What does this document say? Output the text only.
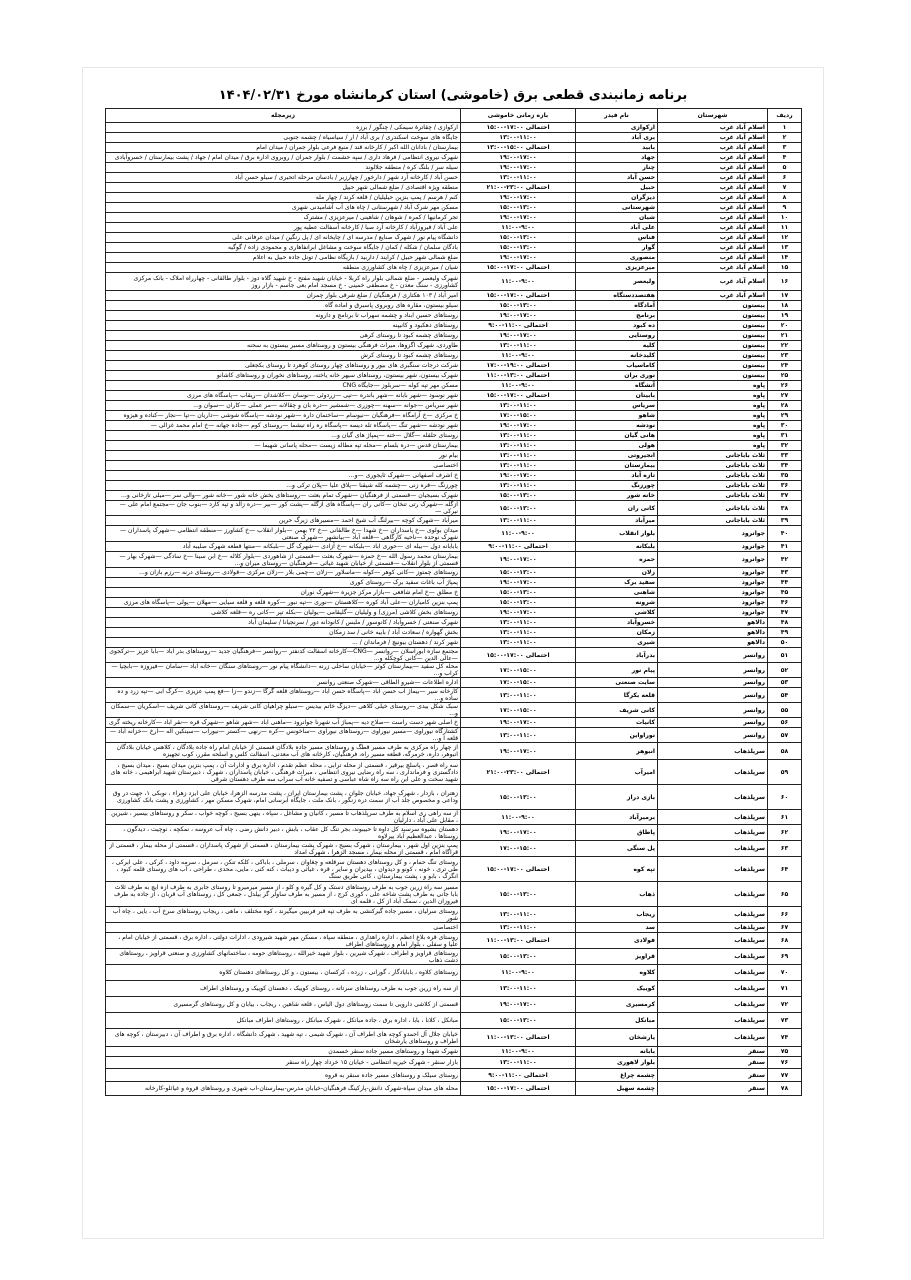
برنامه زمانبندی قطعی برق (خاموشی) استان کرمانشاه مورخ ۱۴۰۴/۰۲/۳۱
ردیف	شهرستان	نام فیدر	بازه زمانی خاموشی	زیرمجله
۱	اسلام آباد غرب	ارکوازی	احتمالی ۱۷:۰۰-۱۵:۰۰	ارکوازی / چقاترهٔ سیمکی / چنگور / برزه
۲	اسلام آباد غرب	بری آباد	۱۳:۰۰-۱۱:۰۰	جایگاه های سوخت اسکندری / بری آباد / ار / سیاسیاه / چشمه جنوبی
۳	اسلام آباد غرب	بابید	احتمالی ۱۵:۰۰-۱۳:۰۰	بیمارستان / بادانان الله اکبر / کارخانه قند / منبع فرعی بلوار جمران / میدان امام
۴	اسلام آباد غرب	جهاد	۱۹:۰۰-۱۷:۰۰	شهرک نیروی انتظامی / فرهاد داری / سپه حشمت / بلوار جمران / روبروی اداره برق / میدان امام / جهاد / پشت بیمارستان / خسروآبادی
۵	اسلام آباد غرب	چنار	۱۹:۰۰-۱۷:۰۰	سیله سر / بلنگ کره / منطقه جلالوند
۶	اسلام آباد غرب	حسن آباد	۱۳:۰۰-۱۱:۰۰	حسن آباد / کارخانه آرد شهر / دارخور / چهارزبر / بادسان مرحله اتحیری / سیلو حسن آباد
۷	اسلام آباد غرب	حبیل	احتمالی ۲۳:۰۰-۲۱:۰۰	منطقه ویژه اقتصادی / ضلع شمالی شهر حبیل
۸	اسلام آباد غرب	دیزگران	۱۹:۰۰-۱۷:۰۰	کنم / هرسم / پمپ بنزین حیلیلیان / قلعه کرند / چهار مله
۹	اسلام آباد غرب	شهرستانی	۱۵:۰۰-۱۳:۰۰	مسکن مهر شرک آباد / شهرستانی / چاه های آب آشامیدنی شهری
۱۰	اسلام آباد غرب	شیان	۱۹:۰۰-۱۷:۰۰	تجر کرمانیها / کمره / شوهان / شاهینی / میرعزیزی / مشترک
۱۱	اسلام آباد غرب	علی آباد	۱۱:۰۰-۹:۰۰	علی آباد / فیروزآباد / کارخانه آرد صبا / کارخانه آسفالت عطیه پور
۱۲	اسلام آباد غرب	فناس	۱۵:۰۰-۱۳:۰۰	دانشگاه پیام نور / شهرک صنایع / مدرسه ای / چایخانه ای / پل رنگین / میدان عرفانی علی
۱۳	اسلام آباد غرب	گوار	۱۵:۰۰-۱۳:۰۰	بادگان سلمان / شکله / کمان / جایگاه سوخت و مشاغل ابرانفاهاری و محمودی زاده / گوگیه
۱۴	اسلام آباد غرب	منصوری	۱۹:۰۰-۱۷:۰۰	ضلع شمالی شهر حبیل / کرایند / داربید / بازیگاه نظامی / تونل جاده حبیل به اعلام
۱۵	اسلام آباد غرب	میرعزیزی	احتمالی ۱۷:۰۰-۱۵:۰۰	شیان / میرعزیزی / چاه های کشاورزی منطقه
۱۶	اسلام آباد غرب	ولیعصر	۱۱:۰۰-۹:۰۰	شهرک ولیعصر - ضلع شمالی بلوار راه کربلا - خیابان شهید مفتح - خ شهید گلاه دوز - بلوار طالقانی - چهارراه املاک - بانک مرکزی کشاورزی - سنگ معدن - خ مصطفی خمینی - خ مسجد امام بعی جاسم - بازار روز
۱۷	اسلام آباد غرب	هفتصددستگاه	احتمالی ۱۷:۰۰-۱۵:۰۰	امیر آباد / ۱۰۳ هکتاری / فرهنگیان / ضلع شرقی بلوار چمران
۱۸	بیستون	آمادگاه	۱۵:۰۰-۱۳:۰۰	سیلو بیستون، مقاره های روبروی پاسبرق و اماده گاه
۱۹	بیستون	برنامج	۱۹:۰۰-۱۷:۰۰	روستاهای حسین ابناد و چشمه سهراب تا برنامج و دارونه
۲۰	بیستون	ده کبود	احتمالی ۱۱:۰۰-۹:۰۰	روستاهای دهکبود و کانیپنه
۲۱	بیستون	روستایی	۱۹:۰۰-۱۷:۰۰	روستاهای چشمه کبود تا روستای کرهی
۲۲	بیستون	کلیه	۱۳:۰۰-۱۱:۰۰	طاوردی، شهرک اگزوها، میراث فرهنگی بیستون و روستاهای مسیر بیستون به سحنه
۲۳	بیستون	کلیدخانه	۱۱:۰۰-۹:۰۰	روستاهای چشمه کبود تا روستای کرش
۲۴	بیستون	کاماسیاب	احتمالی ۱۹:۰۰-۱۷:۰۰	شرکت درجات سنگبری های بیور و روستاهای چهار روستای کوهرد تا روستای بکجعلی
۲۵	بیستون	نوری بران	احتمالی ۱۳:۰۰-۱۱:۰۰	شهرک بیستون، شهر بیستون، روستاهای سیهر خانه یاخته، روستاهای نخوران و روستاهای کاشانو
۲۶	پاوه	آتشگاه	۱۱:۰۰-۹:۰۰	مسکن مهر تپه کوله —سربلوز —جایگاه CNG
۲۷	پاوه	بابیتان	احتمالی ۱۷:۰۰-۱۵:۰۰	شهر نوسود —شهر بابانه —شهر باندره —تپی —زردوئی —نوسان —کلاشدان —ریقاب —پاسگاه های مرزی
۲۸	پاوه	سریاس	۱۳:۰۰-۱۱:۰۰	شهر سریاس —جوانه —سهنه —چوزری —شمشیر —دره بان و چقالانه —مر عملی —کاران —سوان و...
۲۹	پاوه	شاهو	۱۷:۰۰-۱۵:۰۰	خ مرکزی —خ آرامگاه —فرهنگیان —نیوسام —ساختمان داره —شهر نودشه —پاسگاه شوشی —داریان —تپا —نجار —کناده و هیزوه
۳۰	پاوه	نودشه	۱۹:۰۰-۱۷:۰۰	شهر نودشه —شهر تنگ —پاسگاه تله دیسه —پاسگاه ره راه تیشما —روستای کوم —جاده جهانه —خ امام محمد غزالی —
۳۱	پاوه	هانی گیان	۱۳:۰۰-۱۱:۰۰	روستای حلقله —گلال —خته —پمپاژ های گیان و...
۳۲	پاوه	هولی	۱۳:۰۰-۱۱:۰۰	بیمارستان قدس —دره بلسام —محله تپه مطاله زیست —محله پاسانی شهیما —
۳۳	ثلاث باباجانی	انجیروتی	۱۳:۰۰-۱۱:۰۰	بیام نور
۳۴	ثلاث باباجانی	بیمارستان	۱۳:۰۰-۱۱:۰۰	اختصاصی
۳۵	ثلاث باباجانی	تازه آباد	۱۹:۰۰-۱۷:۰۰	خ اشرف اصفهانی —شهرک ثایجوری —و...
۳۶	ثلاث باباجانی	چورزنگ	۱۳:۰۰-۱۱:۰۰	چورزنگ —قره زنی —چشمه کله شیقنا —پلاق علیا —پلان ترکی و...
۳۷	ثلاث باباجانی	خانه شور	۱۵:۰۰-۱۳:۰۰	شهرک بسیجیان —قسمتی از فرهنگیان —شهرک تمام بعثت —روستاهای بخش خانه شور —خانه شور —والی سر —میلی تازخانی و...
۳۸	ثلاث باباجانی	کانی ران	۱۵:۰۰-۱۳:۰۰	ازگله —شهرک رتی تنخان —کانی ران —پاسگاه های ازگله —پشت کور —بیر —دره زالد و تپه کارد —بنوب جان —مجتمع امام علی —نیرکی —
۳۹	ثلاث باباجانی	میرآباد	۱۳:۰۰-۱۱:۰۰	میرآباد —شهرک کوچه —بیرلنگ آب شیخ احمد —مسیرهای زیرگ حرین
۴۰	جوانرود	بلوار انقلاب	۱۱:۰۰-۹:۰۰	میدان بولوی —خ پاسداران —خ شهدا —خ طالقانی —خ ۲۲ بهمن —بلوار انقلاب —خ کشاورز —منطقه انتظامی —شهرک پاسداران —شهرک نوحده —ناحیه کارگاهی —قلعه آباد —بیانشهر —شهرک صنعتی
۴۱	جوانرود	بلبکانه	احتمالی ۱۱:۰۰-۹:۰۰	بابابانه دول —بیله ای —حوری اباد —بلبکانه —خ آزادی —شهرک گل —بلبکانه —منتها قطعه شهرک صلیبه آباد
۴۲	جوانرود	حمزه	۱۹:۰۰-۱۷:۰۰	بیمارستان محمد رسول الله —خ حمزه —شهرک بعثت —قسمتی از شاهوردی —بلوار کلاله —خ ابن سینا —خ سادگی —شهرک بهار —قسمتی از بلوار انقلاب —قسمتی از خیابان شهید غیاثی —فرهنگیان —روستای میران و...
۴۳	جوانرود	زلان	۱۵:۰۰-۱۳:۰۰	روستاهای چمتوز —کانی کوهر —کوله —ماسلاور —زلان —چمی بلار —زلان مرکزی —قولادی —روستای درنه —رزم بازان و...
۴۴	جوانرود	سفید برک	۱۹:۰۰-۱۷:۰۰	پمپاژ آب باغات سفید برک —روستای کوری
۴۵	جوانرود	شاهنی	۱۵:۰۰-۱۳:۰۰	خ مطلق —خ امام شافعی —بازار مرکز جزیره —شهرک نوران
۴۶	جوانرود	شرونه	۱۵:۰۰-۱۳:۰۰	پمپ بنزین کامیاران —علی آباد کوره —کلاهستان —نوری —تپه نبور —کوره قلعه و قلعه سیایی —مهلان —پولی —پاسگاه های مرزی
۴۷	جوانرود	کلاشی	۱۹:۰۰-۱۷:۰۰	روستاهای بخش کلاشی (مرزی) و ولیلیان —گلیقامی —یولیان —بکله تپر —کانی ره —قلعه کلاشی
۴۸	دالاهو	خسروآباد	۱۳:۰۰-۱۱:۰۰	شهرک صنعتی / خسروآباد / کانوسور / ملبس / کانودانه دور / سرنجیانا / سلیمان آباد
۴۹	دالاهو	زمکان	۱۳:۰۰-۱۱:۰۰	بخش گهواره / سعادت آباد / بابیه خانی / سد زمکان
۵۰	دالاهو	شیری	۱۳:۰۰-۱۱:۰۰	شهر کرند / دهستان بیونیچ / فرماندان / ...
۵۱	روانسر	بدرآباد	احتمالی ۱۷:۰۰-۱۵:۰۰	مجتمع سازه ابوراسلان —روانسر —CNG—کارخانه آسفالت کدنفتر —روانسر —فرهنگیان جدید —روستاهای بدر اباد —بابا عزیز —ترکجوی —عالی الدین —کانی کوچکله و...
۵۲	روانسر	پیام نور	۱۷:۰۰-۱۵:۰۰	محله کل سفید —بیمارستان کوثر —خیابان ساحلی زرنه —دانشگاه پیام نور —روستاهای سنگان —خانه اباد —سامان —فیروزه —بابچیا —کراب و...
۵۳	روانسر	سایت صنعتی	۱۷:۰۰-۱۵:۰۰	اداره اطلاعات —شیرو الطاقی —شهرک صنعتی روانسر
۵۴	روانسر	قلعه بکرگا	۱۳:۰۰-۱۱:۰۰	کارخانه سیر —بیماژ آب حسن اباد —پاسگاه حسن آباد —روستاهای قلعه گرگا —زندو —زا —فع پمپ عزیزی —کرگ آبی —تپه زرد و ده ساده و...
۵۵	روانسر	کانی شریف	۱۷:۰۰-۱۵:۰۰	سبک شکل بیدی —روستای خیلی کلاهی —دیزگ خاتم بیدیس —سیلو چراهیان کانی شریف —روستاهای کانی شریف —آسکریان —سمکان و...
۵۶	روانسر	کانیات	۱۹:۰۰-۱۷:۰۰	خ اصلی شهر دست راست —صلاح دیه —پمباژ آب شهرنا جوانرود —ماهنی اباد —شهر شاهو —شهرک قره —نقر اباد —کارخانه ریخته گری
۵۷	روانسر	نوراواین	۱۳:۰۰-۱۱:۰۰	کشتارگاه نیوراوی —مسیر نیوراوی —روستاهای نیوراوی —ساخونس —کره —رنهی —کستر —نیوراب —سینکین اله —آرخ —خزانه اباد —قلعه ا و...
۵۸	سرپلذهاب	انبوهر	۱۹:۰۰-۱۷:۰۰	از چهار راه مرکزی به طرف مسیر قطگ و روستاهای مسیر جاده بلادگان قسمتی از خیابان امام راه جاده بلادگان ، کلاهس خیابان بلادگان انبوهر، داره، خرمرگه، قطعه مسیر راه، فرهنگیان، کارخانه های آب معدنی، اسفالت کلس و اسلحه مقرر، کوب تجهیزه
۵۹	سرپلذهاب	امیرآب	احتمالی ۲۳:۰۰-۲۱:۰۰	سه راه قصر ، پاسلچ بیرقیر ، قسمتی از محله ترابی ، محله عظم تقدم ، اداره برق و ادارات آن ، پمپ بنزین میدان بسیج ، میدان بسیج ، دادگستری و فرمانداری ، سه راه رضایی نیروی انتظامی ، میراث فرهنگی ، خیابان پاسداران ، شهرک ، دبیرستان شهید ابراهیمی ، خانه های شهید سخت و علی ابن راه سه راه شاه عباسی و تصفیه خانه آب سراب سه طرف دهستان شرقی
۶۰	سرپلذهاب	بازی دراز	۱۵:۰۰-۱۳:۰۰	زهتران ، بازدار ، شهرک جهاد، خیابان جلوان ، پشت بیمارستان ایران ، پشت مدرسه الزهرا، خیابان علی ایزد زهراء ، نوبکی ۱، جهت در وق وداعی و مخصوص جلد آب از سمت دره زنگور ، بانک ملت ، جایگاه آبرسانی امام، شهرک مسکن مهر ، کشاورزی و پشت بانک کشاورزی
۶۱	سرپلذهاب	برمیرآباد	۱۱:۰۰-۹:۰۰	از سه راهی ری اسلام به طرف سرپلذهاب تا مسیر ، کانیان و مشاغل ، سپاه ، ینهی بسیج ، کوچه خواب ، سکر و روستاهای بیسیر ، شیرین ، مقابل علی آباد ، دارلیان
۶۲	سرپلذهاب	پاطاق	۱۹:۰۰-۱۷:۰۰	دهستان بشیوه سرسبد کل داوه تا حبیبوند، بجر تنگ کل عقاب ، بابش ، دبیر دانش رضی ، چاه آب عروسه ، نمکچه ، نوچیت ، دیدگون ، روستاها ، عبدالعظیم آباد بیرلاوه
۶۳	سرپلذهاب	پل سنگی	۱۷:۰۰-۱۵:۰۰	پمپ بنزین اول شهر ، بیمارستان ، شهرک بسیج ، شهرک پشت بیمارستان ، قسمتی از شهرک پاسداران ، قسمتی از محله بیمار ، قسمتی از قراگاه امام ، قسمتی از محله بیمار ، مسجد الزهرا ، شهرک امداد
۶۴	سرپلذهاب	تپه کوه	احتمالی ۱۷:۰۰-۱۵:۰۰	روستای تنگ حمام ، و کل روستاهای دهستان سرقلعه و چغاوان ، سرملی ، باباکی ، کلکه تنکن ، سرمل ، سرمه داود ، کرکی ، علی ابرکی ، طی تری ، خونه ، کونو و دیدوان ، بیدیران و سایر ، قره ، غیاثی و دیبات ، کنه کنی ، مایی، محدی ، طراحی ، آب های روستای قلمه کبود ، انگرگ ، بابو و ، پشت بیمارستان ، کانی طریق سنگ
۶۵	سرپلذهاب	ذهاب	۱۵:۰۰-۱۳:۰۰	مسیر سه راه زرین جوب به طرف روستاهای دستک و کل گیره و کلو ، از مسیر میرمیرو تا روستای جابری به طرف ازه ایچ به طرف ثلاث بابا جانی به طرف پشت شاخه علی ، کوری کرج ، از مسیر به طرف ساولر گر بیلدل ، جمعی کل ، روستاهای آب قربان ، از جاده به طرف فیروزان الدین ، سمک آباد از کل ، قلمه ای
۶۶	سرپلذهاب	ریجاب	۱۳:۰۰-۱۱:۰۰	روستای سرلیان ، مسیر جاده گیرکنشی به طرف تپه قبر فربیین میگیرند ، کوه مختلف ، ماهی ، ریجاب روستاهای سرخ آب ، بایی ، چاه آب شور
۶۷	سرپلذهاب	سد	۱۳:۰۰-۱۱:۰۰	اختصاصی
۶۸	سرپلذهاب	فولادی	احتمالی ۱۳:۰۰-۱۱:۰۰	روستای قره بلاغ اعظم ، اداره راهداری ، منطقه سپاه ، مسکن مهر شهید شیرودی ، ادارات دولتی ، اداره برق ، قسمتی از خیابان امام ، علیا و سفلی ، بلوار امام و روستاهای اطراف
۶۹	سرپلذهاب	قراویز	۱۵:۰۰-۱۳:۰۰	روستاهای قراویز و اطراف ، شهرک شیرین ، بلوار شهید خیرالله ، روستاهای حومه ، ساختمانهای کشاورزی و صنعتی قراویز ، روستاهای دشت ذهاب
۷۰	سرپلذهاب	کلاوه	۱۱:۰۰-۹:۰۰	روستاهای کلاوه ، بابایادگار ، گورانی ، زرده ، کرکسان ، بیستون ، و کل روستاهای دهستان کلاوه
۷۱	سرپلذهاب	کوییک	۱۳:۰۰-۱۱:۰۰	از سه راه زرین جوب به طرف روستاهای سرتاته ، روستای کوییک ، دهستان کوییک و روستاهای اطراف
۷۲	سرپلذهاب	کرمسیری	۱۹:۰۰-۱۷:۰۰	قسمتی از کلاشی دارویی تا سمت روستاهای دول الیاس ، قلعه شاهین ، ریجاب ، بیابان و کل روستاهای گرمسیری
۷۳	سرپلذهاب	مبانکل	۱۵:۰۰-۱۳:۰۰	مبانکل ، کلانا ، بابا ، اداره برق ، جاده مبانکل ، شهرک مبانکل ، روستاهای اطراف مبانکل
۷۴	سرپلذهاب	یارشخان	احتمالی ۱۳:۰۰-۱۱:۰۰	خیابان جلال آل احمدو کوچه های اطراف آن ، شهرک شیمی ، تپه شهید ، شهرک دانشگاه ، اداره برق و اطراف آن ، دبیرستان ، کوچه های اطراف و روستاهای یارشخان
۷۵	سنقر	بابانه	۱۱:۰۰-۹:۰۰	شهرک شهدا و روستاهای مسیر جاده سنقر خسمدن
۷۶	سنقر	بلوار لاهوری	۱۳:۰۰-۱۱:۰۰	بازار سنقر - شهرک خیریه انتظامی - خیابان ۱۵ خرداد چهار راه سنقر
۷۷	سنقر	چشمه چراغ	احتمالی ۱۱:۰۰-۹:۰۰	روستای سیلک و روستاهای مسیر جاده سنقر به قروه
۷۸	سنقر	چشمه سهیل	احتمالی ۱۷:۰۰-۱۵:۰۰	محله های میدان سپاه-شهرک دانش-پارکینگ فرهنگیان-خیابان مدرس-بیمارستان-اب شهری و روستاهای قروه و غیاثلو-کارخانه
